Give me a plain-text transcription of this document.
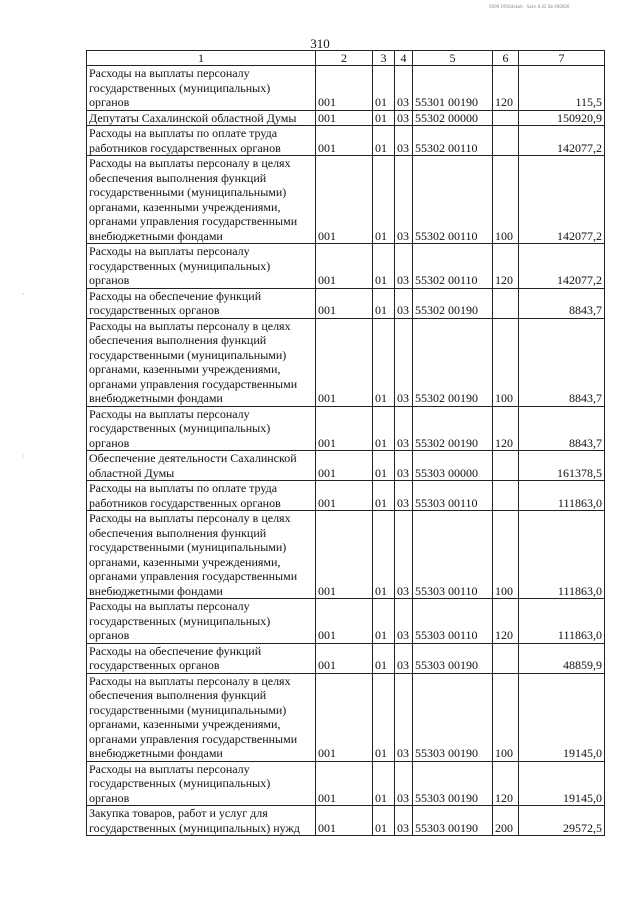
0006 1956dokob · Sxkn 6.02 Sb 000000
310
·
·
1	2	3	4	5	6	7
Расходы на выплаты персоналу государственных (муниципальных) органов	001	01	03	55301 00190	120	115,5
Депутаты Сахалинской областной Думы	001	01	03	55302 00000		150920,9
Расходы на выплаты по оплате труда работников государственных органов	001	01	03	55302 00110		142077,2
Расходы на выплаты персоналу в целях обеспечения выполнения функций государственными (муниципальными) органами, казенными учреждениями, органами управления государственными внебюджетными фондами	001	01	03	55302 00110	100	142077,2
Расходы на выплаты персоналу государственных (муниципальных) органов	001	01	03	55302 00110	120	142077,2
Расходы на обеспечение функций государственных органов	001	01	03	55302 00190		8843,7
Расходы на выплаты персоналу в целях обеспечения выполнения функций государственными (муниципальными) органами, казенными учреждениями, органами управления государственными внебюджетными фондами	001	01	03	55302 00190	100	8843,7
Расходы на выплаты персоналу государственных (муниципальных) органов	001	01	03	55302 00190	120	8843,7
Обеспечение деятельности Сахалинской областной Думы	001	01	03	55303 00000		161378,5
Расходы на выплаты по оплате труда работников государственных органов	001	01	03	55303 00110		111863,0
Расходы на выплаты персоналу в целях обеспечения выполнения функций государственными (муниципальными) органами, казенными учреждениями, органами управления государственными внебюджетными фондами	001	01	03	55303 00110	100	111863,0
Расходы на выплаты персоналу государственных (муниципальных) органов	001	01	03	55303 00110	120	111863,0
Расходы на обеспечение функций государственных органов	001	01	03	55303 00190		48859,9
Расходы на выплаты персоналу в целях обеспечения выполнения функций государственными (муниципальными) органами, казенными учреждениями, органами управления государственными внебюджетными фондами	001	01	03	55303 00190	100	19145,0
Расходы на выплаты персоналу государственных (муниципальных) органов	001	01	03	55303 00190	120	19145,0
Закупка товаров, работ и услуг для государственных (муниципальных) нужд	001	01	03	55303 00190	200	29572,5
